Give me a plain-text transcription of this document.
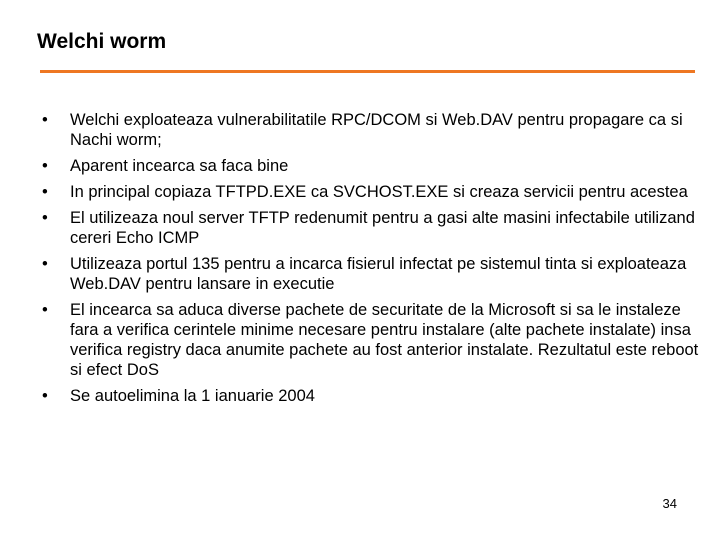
Welchi worm
• Welchi exploateaza vulnerabilitatile RPC/DCOM si Web.DAV pentru propagare ca si Nachi worm;
• Aparent incearca sa faca bine
• In principal copiaza TFTPD.EXE ca SVCHOST.EXE si creaza servicii pentru acestea
• El utilizeaza noul server TFTP redenumit pentru a gasi alte masini infectabile utilizand cereri Echo ICMP
• Utilizeaza portul 135 pentru a incarca fisierul infectat pe sistemul tinta si exploateaza Web.DAV pentru lansare in executie
• El incearca sa aduca diverse pachete de securitate de la Microsoft si sa le instaleze fara a verifica cerintele minime necesare pentru instalare (alte pachete instalate) insa verifica registry daca anumite pachete au fost anterior instalate. Rezultatul este reboot si efect DoS
• Se autoelimina la 1 ianuarie 2004
34
